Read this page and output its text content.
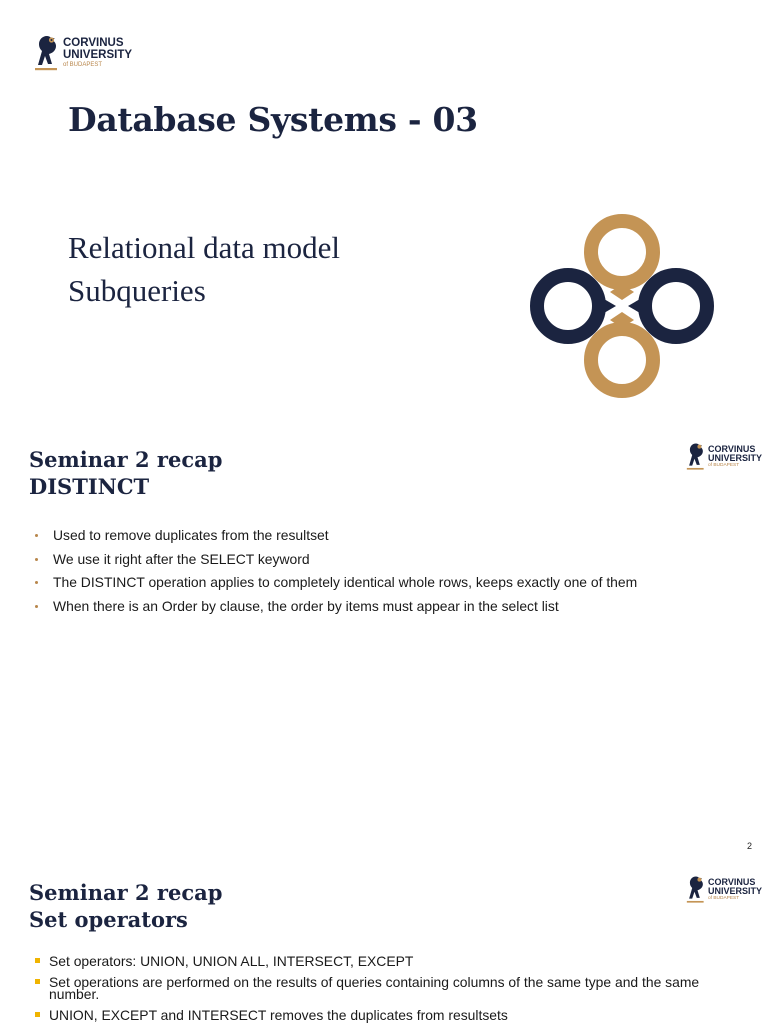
CORVINUS
UNIVERSITY
of BUDAPEST
Database Systems - 03
Relational data model
Subqueries
CORVINUS
UNIVERSITY
of BUDAPEST
Seminar 2 recap
DISTINCT
Used to remove duplicates from the resultset
We use it right after the SELECT keyword
The DISTINCT operation applies to completely identical whole rows, keeps exactly one of them
When there is an Order by clause, the order by items must appear in the select list
2
CORVINUS
UNIVERSITY
of BUDAPEST
Seminar 2 recap
Set operators
Set operators: UNION, UNION ALL, INTERSECT, EXCEPT
Set operations are performed on the results of queries containing columns of the same type and the same number.
UNION, EXCEPT and INTERSECT removes the duplicates from resultsets
